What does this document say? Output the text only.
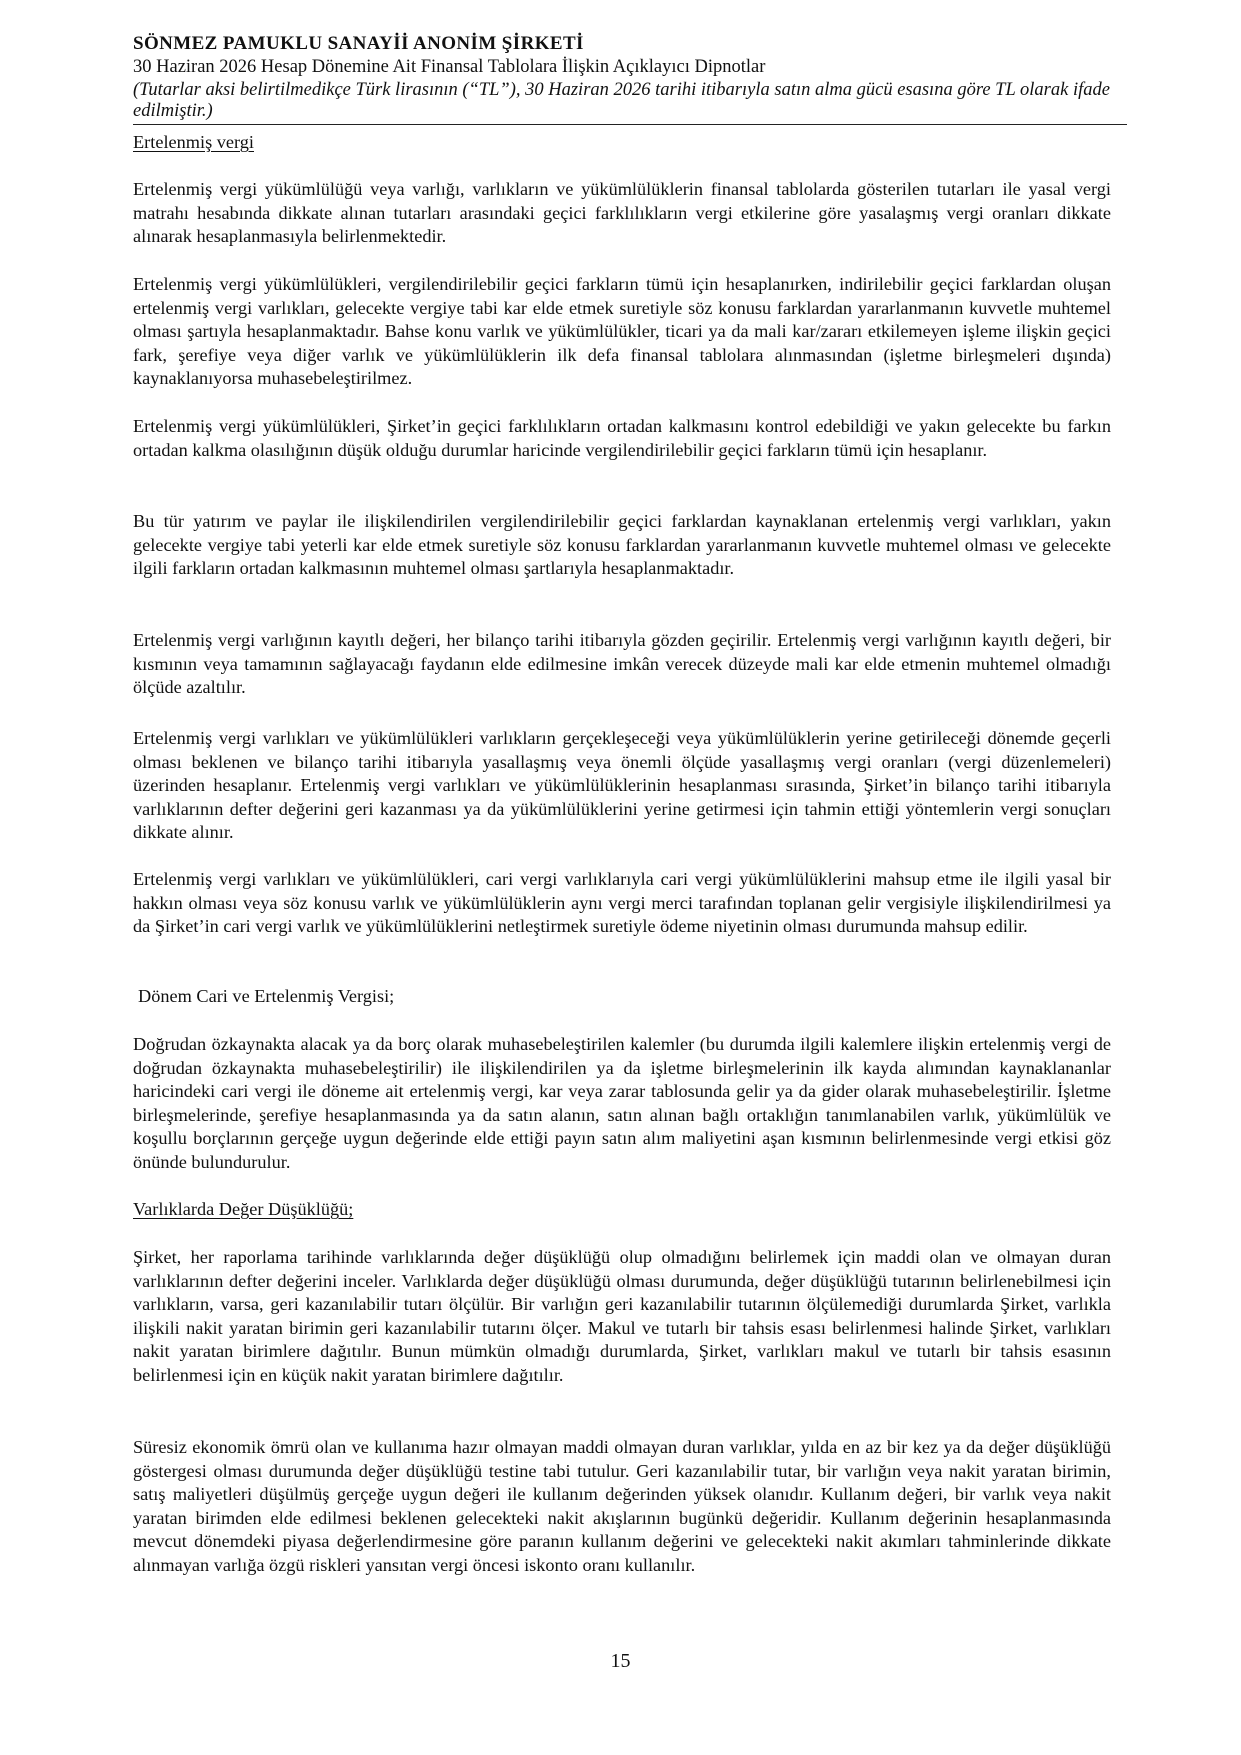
SÖNMEZ PAMUKLU SANAYİİ ANONİM ŞİRKETİ
30 Haziran 2026 Hesap Dönemine Ait Finansal Tablolara İlişkin Açıklayıcı Dipnotlar
(Tutarlar aksi belirtilmedikçe Türk lirasının (“TL”), 30 Haziran 2026 tarihi itibarıyla satın alma gücü esasına göre TL olarak ifade edilmiştir.)
Ertelenmiş vergi

Ertelenmiş vergi yükümlülüğü veya varlığı, varlıkların ve yükümlülüklerin finansal tablolarda gösterilen tutarları ile yasal vergi matrahı hesabında dikkate alınan tutarları arasındaki geçici farklılıkların vergi etkilerine göre yasalaşmış vergi oranları dikkate alınarak hesaplanmasıyla belirlenmektedir.

Ertelenmiş vergi yükümlülükleri, vergilendirilebilir geçici farkların tümü için hesaplanırken, indirilebilir geçici farklardan oluşan ertelenmiş vergi varlıkları, gelecekte vergiye tabi kar elde etmek suretiyle söz konusu farklardan yararlanmanın kuvvetle muhtemel olması şartıyla hesaplanmaktadır. Bahse konu varlık ve yükümlülükler, ticari ya da mali kar/zararı etkilemeyen işleme ilişkin geçici fark, şerefiye veya diğer varlık ve yükümlülüklerin ilk defa finansal tablolara alınmasından (işletme birleşmeleri dışında) kaynaklanıyorsa muhasebeleştirilmez.

Ertelenmiş vergi yükümlülükleri, Şirket’in geçici farklılıkların ortadan kalkmasını kontrol edebildiği ve yakın gelecekte bu farkın ortadan kalkma olasılığının düşük olduğu durumlar haricinde vergilendirilebilir geçici farkların tümü için hesaplanır.

Bu tür yatırım ve paylar ile ilişkilendirilen vergilendirilebilir geçici farklardan kaynaklanan ertelenmiş vergi varlıkları, yakın gelecekte vergiye tabi yeterli kar elde etmek suretiyle söz konusu farklardan yararlanmanın kuvvetle muhtemel olması ve gelecekte ilgili farkların ortadan kalkmasının muhtemel olması şartlarıyla hesaplanmaktadır.

Ertelenmiş vergi varlığının kayıtlı değeri, her bilanço tarihi itibarıyla gözden geçirilir. Ertelenmiş vergi varlığının kayıtlı değeri, bir kısmının veya tamamının sağlayacağı faydanın elde edilmesine imkân verecek düzeyde mali kar elde etmenin muhtemel olmadığı ölçüde azaltılır.

Ertelenmiş vergi varlıkları ve yükümlülükleri varlıkların gerçekleşeceği veya yükümlülüklerin yerine getirileceği dönemde geçerli olması beklenen ve bilanço tarihi itibarıyla yasallaşmış veya önemli ölçüde yasallaşmış vergi oranları (vergi düzenlemeleri) üzerinden hesaplanır. Ertelenmiş vergi varlıkları ve yükümlülüklerinin hesaplanması sırasında, Şirket’in bilanço tarihi itibarıyla varlıklarının defter değerini geri kazanması ya da yükümlülüklerini yerine getirmesi için tahmin ettiği yöntemlerin vergi sonuçları dikkate alınır.

Ertelenmiş vergi varlıkları ve yükümlülükleri, cari vergi varlıklarıyla cari vergi yükümlülüklerini mahsup etme ile ilgili yasal bir hakkın olması veya söz konusu varlık ve yükümlülüklerin aynı vergi merci tarafından toplanan gelir vergisiyle ilişkilendirilmesi ya da Şirket’in cari vergi varlık ve yükümlülüklerini netleştirmek suretiyle ödeme niyetinin olması durumunda mahsup edilir.

Dönem Cari ve Ertelenmiş Vergisi;

Doğrudan özkaynakta alacak ya da borç olarak muhasebeleştirilen kalemler (bu durumda ilgili kalemlere ilişkin ertelenmiş vergi de doğrudan özkaynakta muhasebeleştirilir) ile ilişkilendirilen ya da işletme birleşmelerinin ilk kayda alımından kaynaklananlar haricindeki cari vergi ile döneme ait ertelenmiş vergi, kar veya zarar tablosunda gelir ya da gider olarak muhasebeleştirilir. İşletme birleşmelerinde, şerefiye hesaplanmasında ya da satın alanın, satın alınan bağlı ortaklığın tanımlanabilen varlık, yükümlülük ve koşullu borçlarının gerçeğe uygun değerinde elde ettiği payın satın alım maliyetini aşan kısmının belirlenmesinde vergi etkisi göz önünde bulundurulur.

Varlıklarda Değer Düşüklüğü;

Şirket, her raporlama tarihinde varlıklarında değer düşüklüğü olup olmadığını belirlemek için maddi olan ve olmayan duran varlıklarının defter değerini inceler. Varlıklarda değer düşüklüğü olması durumunda, değer düşüklüğü tutarının belirlenebilmesi için varlıkların, varsa, geri kazanılabilir tutarı ölçülür. Bir varlığın geri kazanılabilir tutarının ölçülemediği durumlarda Şirket, varlıkla ilişkili nakit yaratan birimin geri kazanılabilir tutarını ölçer. Makul ve tutarlı bir tahsis esası belirlenmesi halinde Şirket, varlıkları nakit yaratan birimlere dağıtılır. Bunun mümkün olmadığı durumlarda, Şirket, varlıkları makul ve tutarlı bir tahsis esasının belirlenmesi için en küçük nakit yaratan birimlere dağıtılır.

Süresiz ekonomik ömrü olan ve kullanıma hazır olmayan maddi olmayan duran varlıklar, yılda en az bir kez ya da değer düşüklüğü göstergesi olması durumunda değer düşüklüğü testine tabi tutulur. Geri kazanılabilir tutar, bir varlığın veya nakit yaratan birimin, satış maliyetleri düşülmüş gerçeğe uygun değeri ile kullanım değerinden yüksek olanıdır. Kullanım değeri, bir varlık veya nakit yaratan birimden elde edilmesi beklenen gelecekteki nakit akışlarının bugünkü değeridir. Kullanım değerinin hesaplanmasında mevcut dönemdeki piyasa değerlendirmesine göre paranın kullanım değerini ve gelecekteki nakit akımları tahminlerinde dikkate alınmayan varlığa özgü riskleri yansıtan vergi öncesi iskonto oranı kullanılır.

15
